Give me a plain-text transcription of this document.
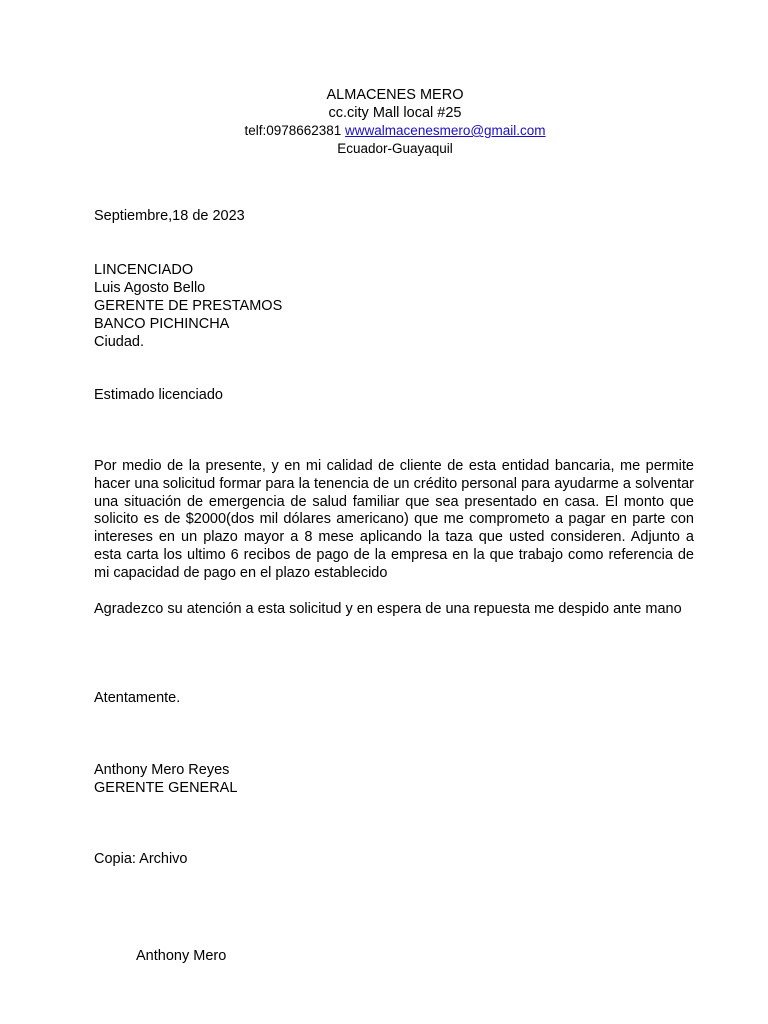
ALMACENES MERO
cc.city Mall local #25
telf:0978662381 wwwalmacenesmero@gmail.com
Ecuador-Guayaquil
Septiembre,18 de 2023
LINCENCIADO
Luis Agosto Bello
GERENTE DE PRESTAMOS
BANCO PICHINCHA
Ciudad.
Estimado licenciado
Por medio de la presente, y en mi calidad de cliente de esta entidad bancaria, me permite hacer una solicitud formar para la tenencia de un crédito personal para ayudarme a solventar una situación de emergencia de salud familiar que sea presentado en casa. El monto que solicito es de $2000(dos mil dólares americano) que me comprometo a pagar en parte con intereses en un plazo mayor a 8 mese aplicando la taza que usted consideren. Adjunto a esta carta los ultimo 6 recibos de pago de la empresa en la que trabajo como referencia de mi capacidad de pago en el plazo establecido
Agradezco su atención a esta solicitud y en espera de una repuesta me despido ante mano
Atentamente.
Anthony Mero Reyes
GERENTE GENERAL
Copia: Archivo
Anthony Mero
